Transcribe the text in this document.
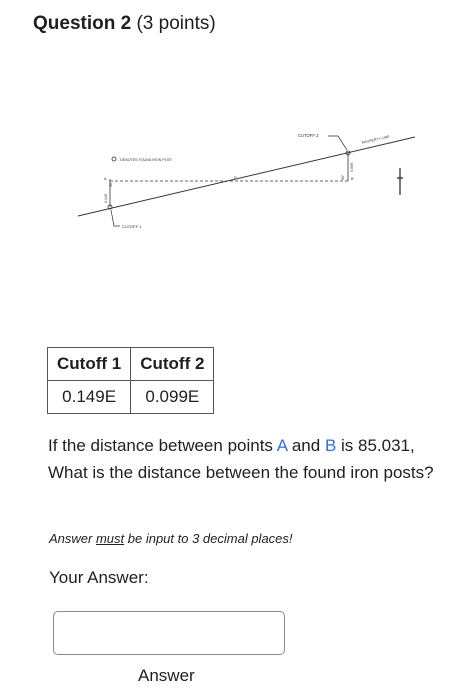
Question 2 (3 points)
- DENOTES FOUND IRON POST
CUTOFF 1
CUTOFF 2	PROPERTY LINE
A	B
P
90°
0.149
90°
0.099
Cutoff 1	Cutoff 2
0.149E	0.099E
If the distance between points A and B is 85.031, What is the distance between the found iron posts?
Answer must be input to 3 decimal places!
Your Answer:
Answer
